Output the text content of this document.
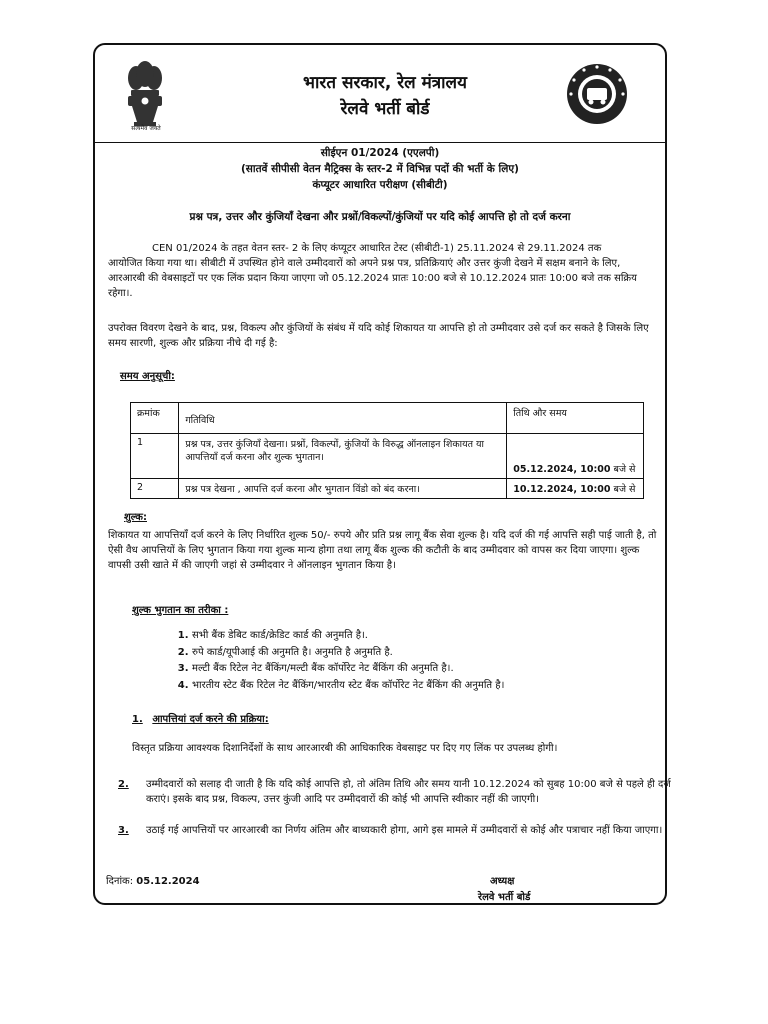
सत्यमेव जयते
भारत सरकार, रेल मंत्रालय
रेलवे भर्ती बोर्ड
सीईएन 01/2024 (एएलपी)
(सातवें सीपीसी वेतन मैट्रिक्स के स्तर-2 में विभिन्न पदों की भर्ती के लिए)
कंप्यूटर आधारित परीक्षण (सीबीटी)
प्रश्न पत्र, उत्तर और कुंजियाँ देखना और प्रश्नों/विकल्पों/कुंजियों पर यदि कोई आपत्ति हो तो दर्ज करना
CEN 01/2024 के तहत वेतन स्तर- 2 के लिए कंप्यूटर आधारित टेस्ट (सीबीटी-1) 25.11.2024 से 29.11.2024 तक
आयोजित किया गया था। सीबीटी में उपस्थित होने वाले उम्मीदवारों को अपने प्रश्न पत्र, प्रतिक्रियाएं और उत्तर कुंजी देखने में सक्षम बनाने के लिए, आरआरबी की वेबसाइटों पर एक लिंक प्रदान किया जाएगा जो 05.12.2024 प्रातः 10:00 बजे से 10.12.2024 प्रातः 10:00 बजे तक सक्रिय रहेगा।.
उपरोक्त विवरण देखने के बाद, प्रश्न, विकल्प और कुंजियों के संबंध में यदि कोई शिकायत या आपत्ति हो तो उम्मीदवार उसे दर्ज कर सकते है जिसके लिए समय सारणी, शुल्क और प्रक्रिया नीचे दी गई है:
समय अनुसूची:
क्रमांक	गतिविधि	तिथि और समय
1	प्रश्न पत्र, उत्तर कुंजियाँ देखना। प्रश्नों, विकल्पों, कुंजियों के विरुद्ध ऑनलाइन शिकायत या आपत्तियाँ दर्ज करना और शुल्क भुगतान।	05.12.2024, 10:00 बजे से
2	प्रश्न पत्र देखना , आपत्ति दर्ज करना और भुगतान विंडो को बंद करना।	10.12.2024, 10:00 बजे से
शुल्क:
शिकायत या आपत्तियाँ दर्ज करने के लिए निर्धारित शुल्क 50/- रुपये और प्रति प्रश्न लागू बैंक सेवा शुल्क है। यदि दर्ज की गई आपत्ति सही पाई जाती है, तो ऐसी वैध आपत्तियों के लिए भुगतान किया गया शुल्क मान्य होगा तथा लागू बैंक शुल्क की कटौती के बाद उम्मीदवार को वापस कर दिया जाएगा। शुल्क वापसी उसी खाते में की जाएगी जहां से उम्मीदवार ने ऑनलाइन भुगतान किया है।
शुल्क भुगतान का तरीका :
1. सभी बैंक डेबिट कार्ड/क्रेडिट कार्ड की अनुमति है।.
2. रुपे कार्ड/यूपीआई की अनुमति है। अनुमति है अनुमति है.
3. मल्टी बैंक रिटेल नेट बैंकिंग/मल्टी बैंक कॉर्पोरेट नेट बैंकिंग की अनुमति है।.
4. भारतीय स्टेट बैंक रिटेल नेट बैंकिंग/भारतीय स्टेट बैंक कॉर्पोरेट नेट बैंकिंग की अनुमति है।
1. आपत्तियां दर्ज करने की प्रक्रिया:
विस्तृत प्रक्रिया आवश्यक दिशानिर्देशों के साथ आरआरबी की आधिकारिक वेबसाइट पर दिए गए लिंक पर उपलब्ध होगी।
2. उम्मीदवारों को सलाह दी जाती है कि यदि कोई आपत्ति हो, तो अंतिम तिथि और समय यानी 10.12.2024 को सुबह 10:00 बजे से पहले ही दर्ज कराएं। इसके बाद प्रश्न, विकल्प, उत्तर कुंजी आदि पर उम्मीदवारों की कोई भी आपत्ति स्वीकार नहीं की जाएगी।
3. उठाई गई आपत्तियों पर आरआरबी का निर्णय अंतिम और बाध्यकारी होगा, आगे इस मामले में उम्मीदवारों से कोई और पत्राचार नहीं किया जाएगा।
दिनांक: 05.12.2024	अध्यक्ष
रेलवे भर्ती बोर्ड
